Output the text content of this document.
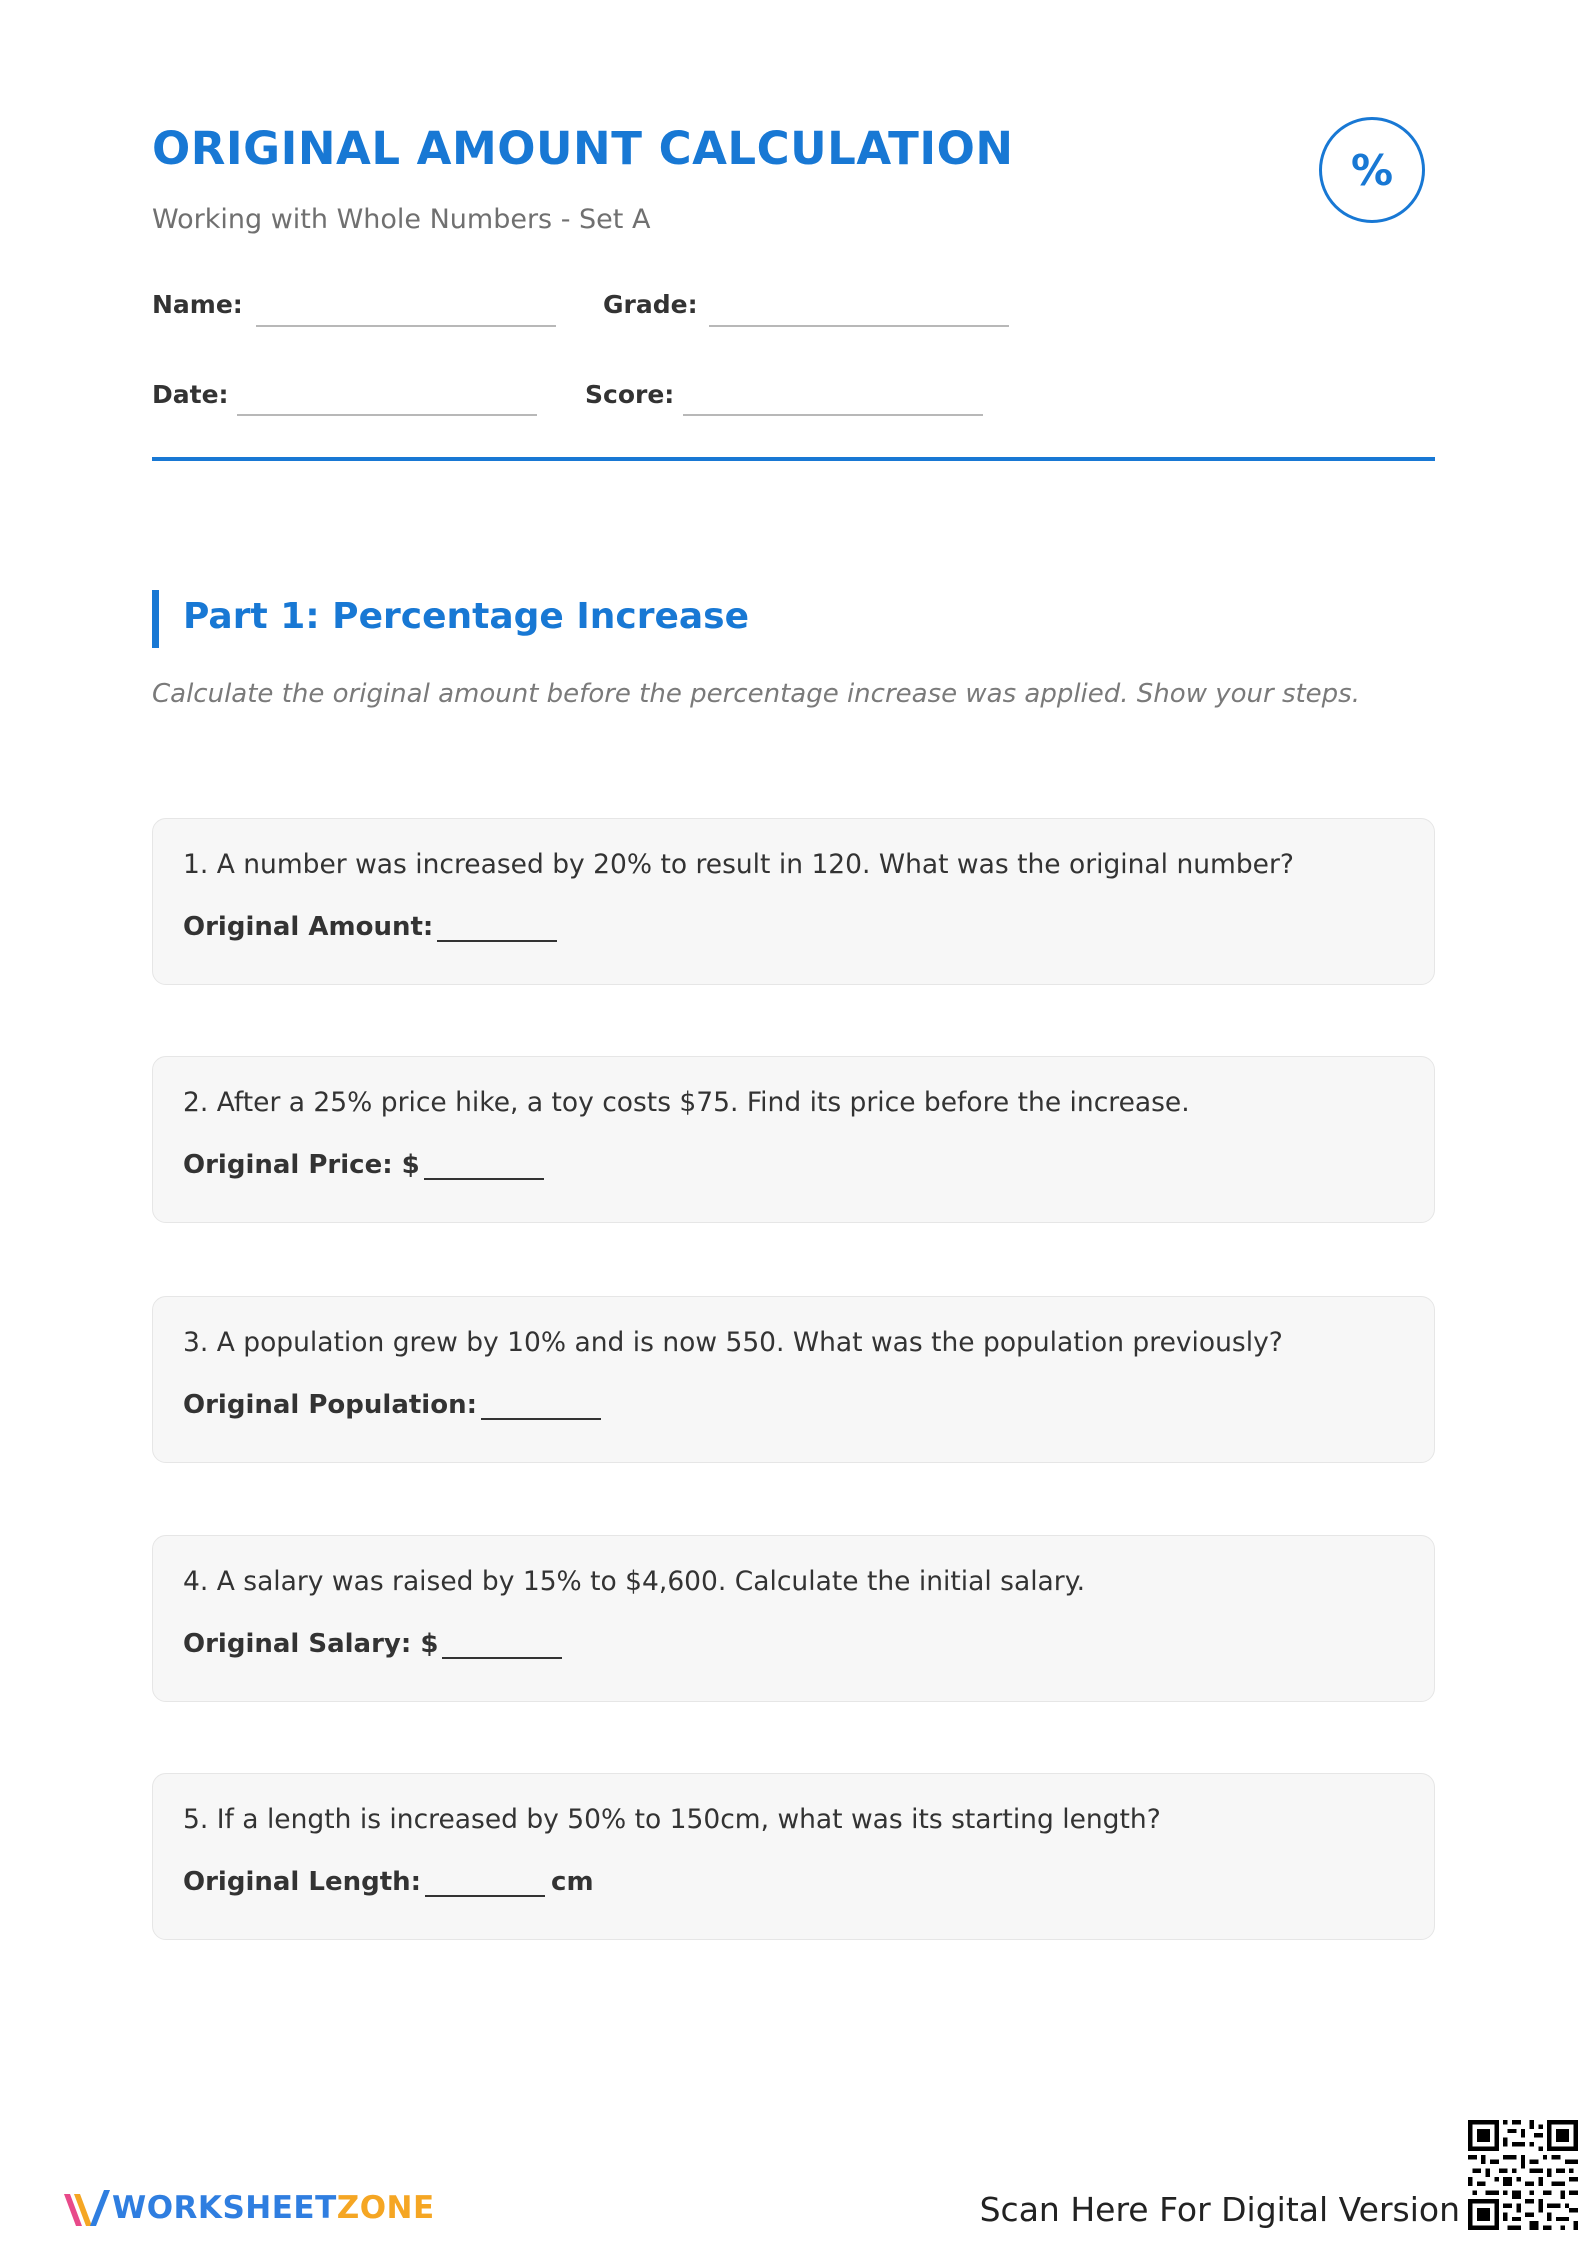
ORIGINAL AMOUNT CALCULATION
Working with Whole Numbers - Set A
%
Name:	Grade:
Date:	Score:
Part 1: Percentage Increase
Calculate the original amount before the percentage increase was applied. Show your steps.
1. A number was increased by 20% to result in 120. What was the original number?
Original Amount:
2. After a 25% price hike, a toy costs $75. Find its price before the increase.
Original Price: $
3. A population grew by 10% and is now 550. What was the population previously?
Original Population:
4. A salary was raised by 15% to $4,600. Calculate the initial salary.
Original Salary: $
5. If a length is increased by 50% to 150cm, what was its starting length?
Original Length:	cm
WORKSHEETZONE	Scan Here For Digital Version
